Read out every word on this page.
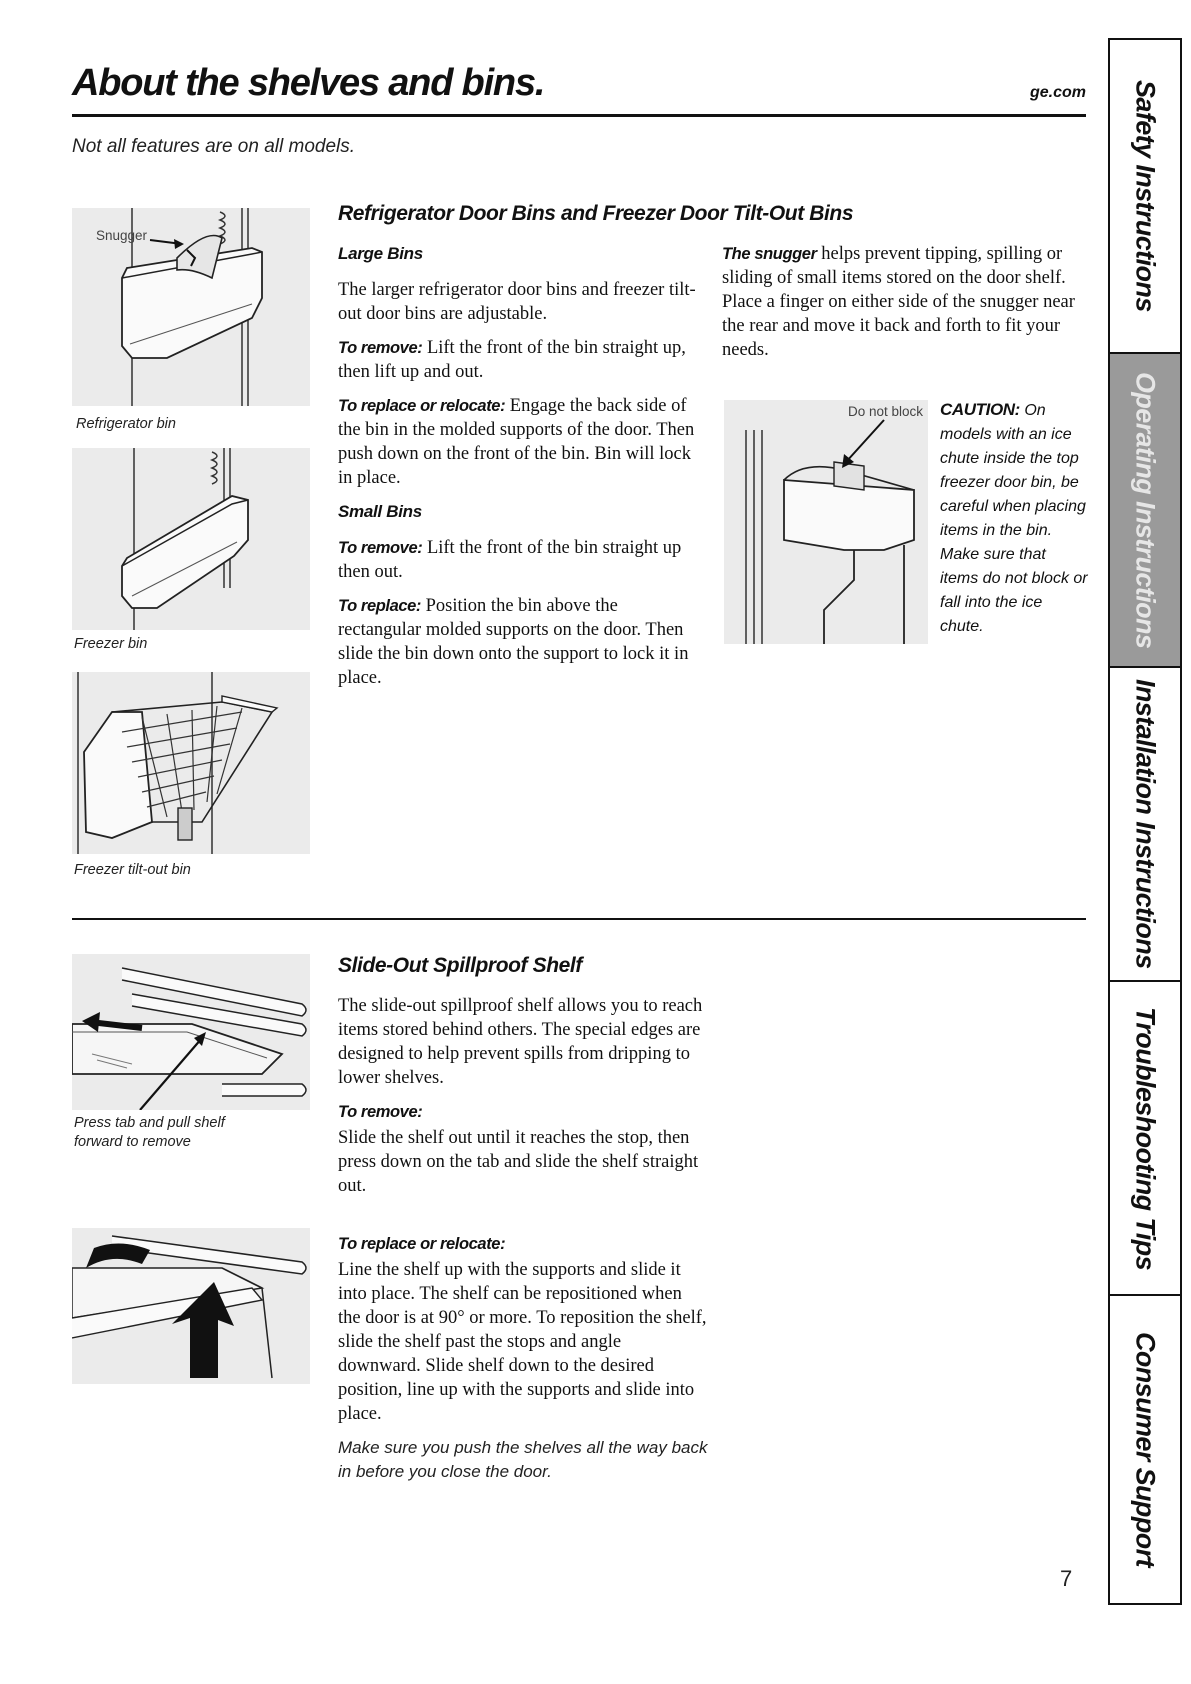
About the shelves and bins.	ge.com
Not all features are on all models.
Snugger
Refrigerator bin
Freezer bin
Freezer tilt-out bin
Refrigerator Door Bins and Freezer Door Tilt-Out Bins

Large Bins

The larger refrigerator door bins and freezer tilt-out door bins are adjustable.

To remove: Lift the front of the bin straight up, then lift up and out.

To replace or relocate: Engage the back side of the bin in the molded supports of the door. Then push down on the front of the bin. Bin will lock in place.

Small Bins

To remove: Lift the front of the bin straight up then out.

To replace: Position the bin above the rectangular molded supports on the door. Then slide the bin down onto the support to lock it in place.

The snugger helps prevent tipping, spilling or sliding of small items stored on the door shelf. Place a finger on either side of the snugger near the rear and move it back and forth to fit your needs.

Do not block CAUTION: On models with an ice chute inside the top freezer door bin, be careful when placing items in the bin. Make sure that items do not block or fall into the ice chute.
Press tab and pull shelf
forward to remove
Slide-Out Spillproof Shelf

The slide-out spillproof shelf allows you to reach items stored behind others. The special edges are designed to help prevent spills from dripping to lower shelves.

To remove:

Slide the shelf out until it reaches the stop, then press down on the tab and slide the shelf straight out.

To replace or relocate:

Line the shelf up with the supports and slide it into place. The shelf can be repositioned when the door is at 90° or more. To reposition the shelf, slide the shelf past the stops and angle downward. Slide shelf down to the desired position, line up with the supports and slide into place.

Make sure you push the shelves all the way back in before you close the door.

7
Safety Instructions
Operating Instructions
Installation Instructions
Troubleshooting Tips
Consumer Support
